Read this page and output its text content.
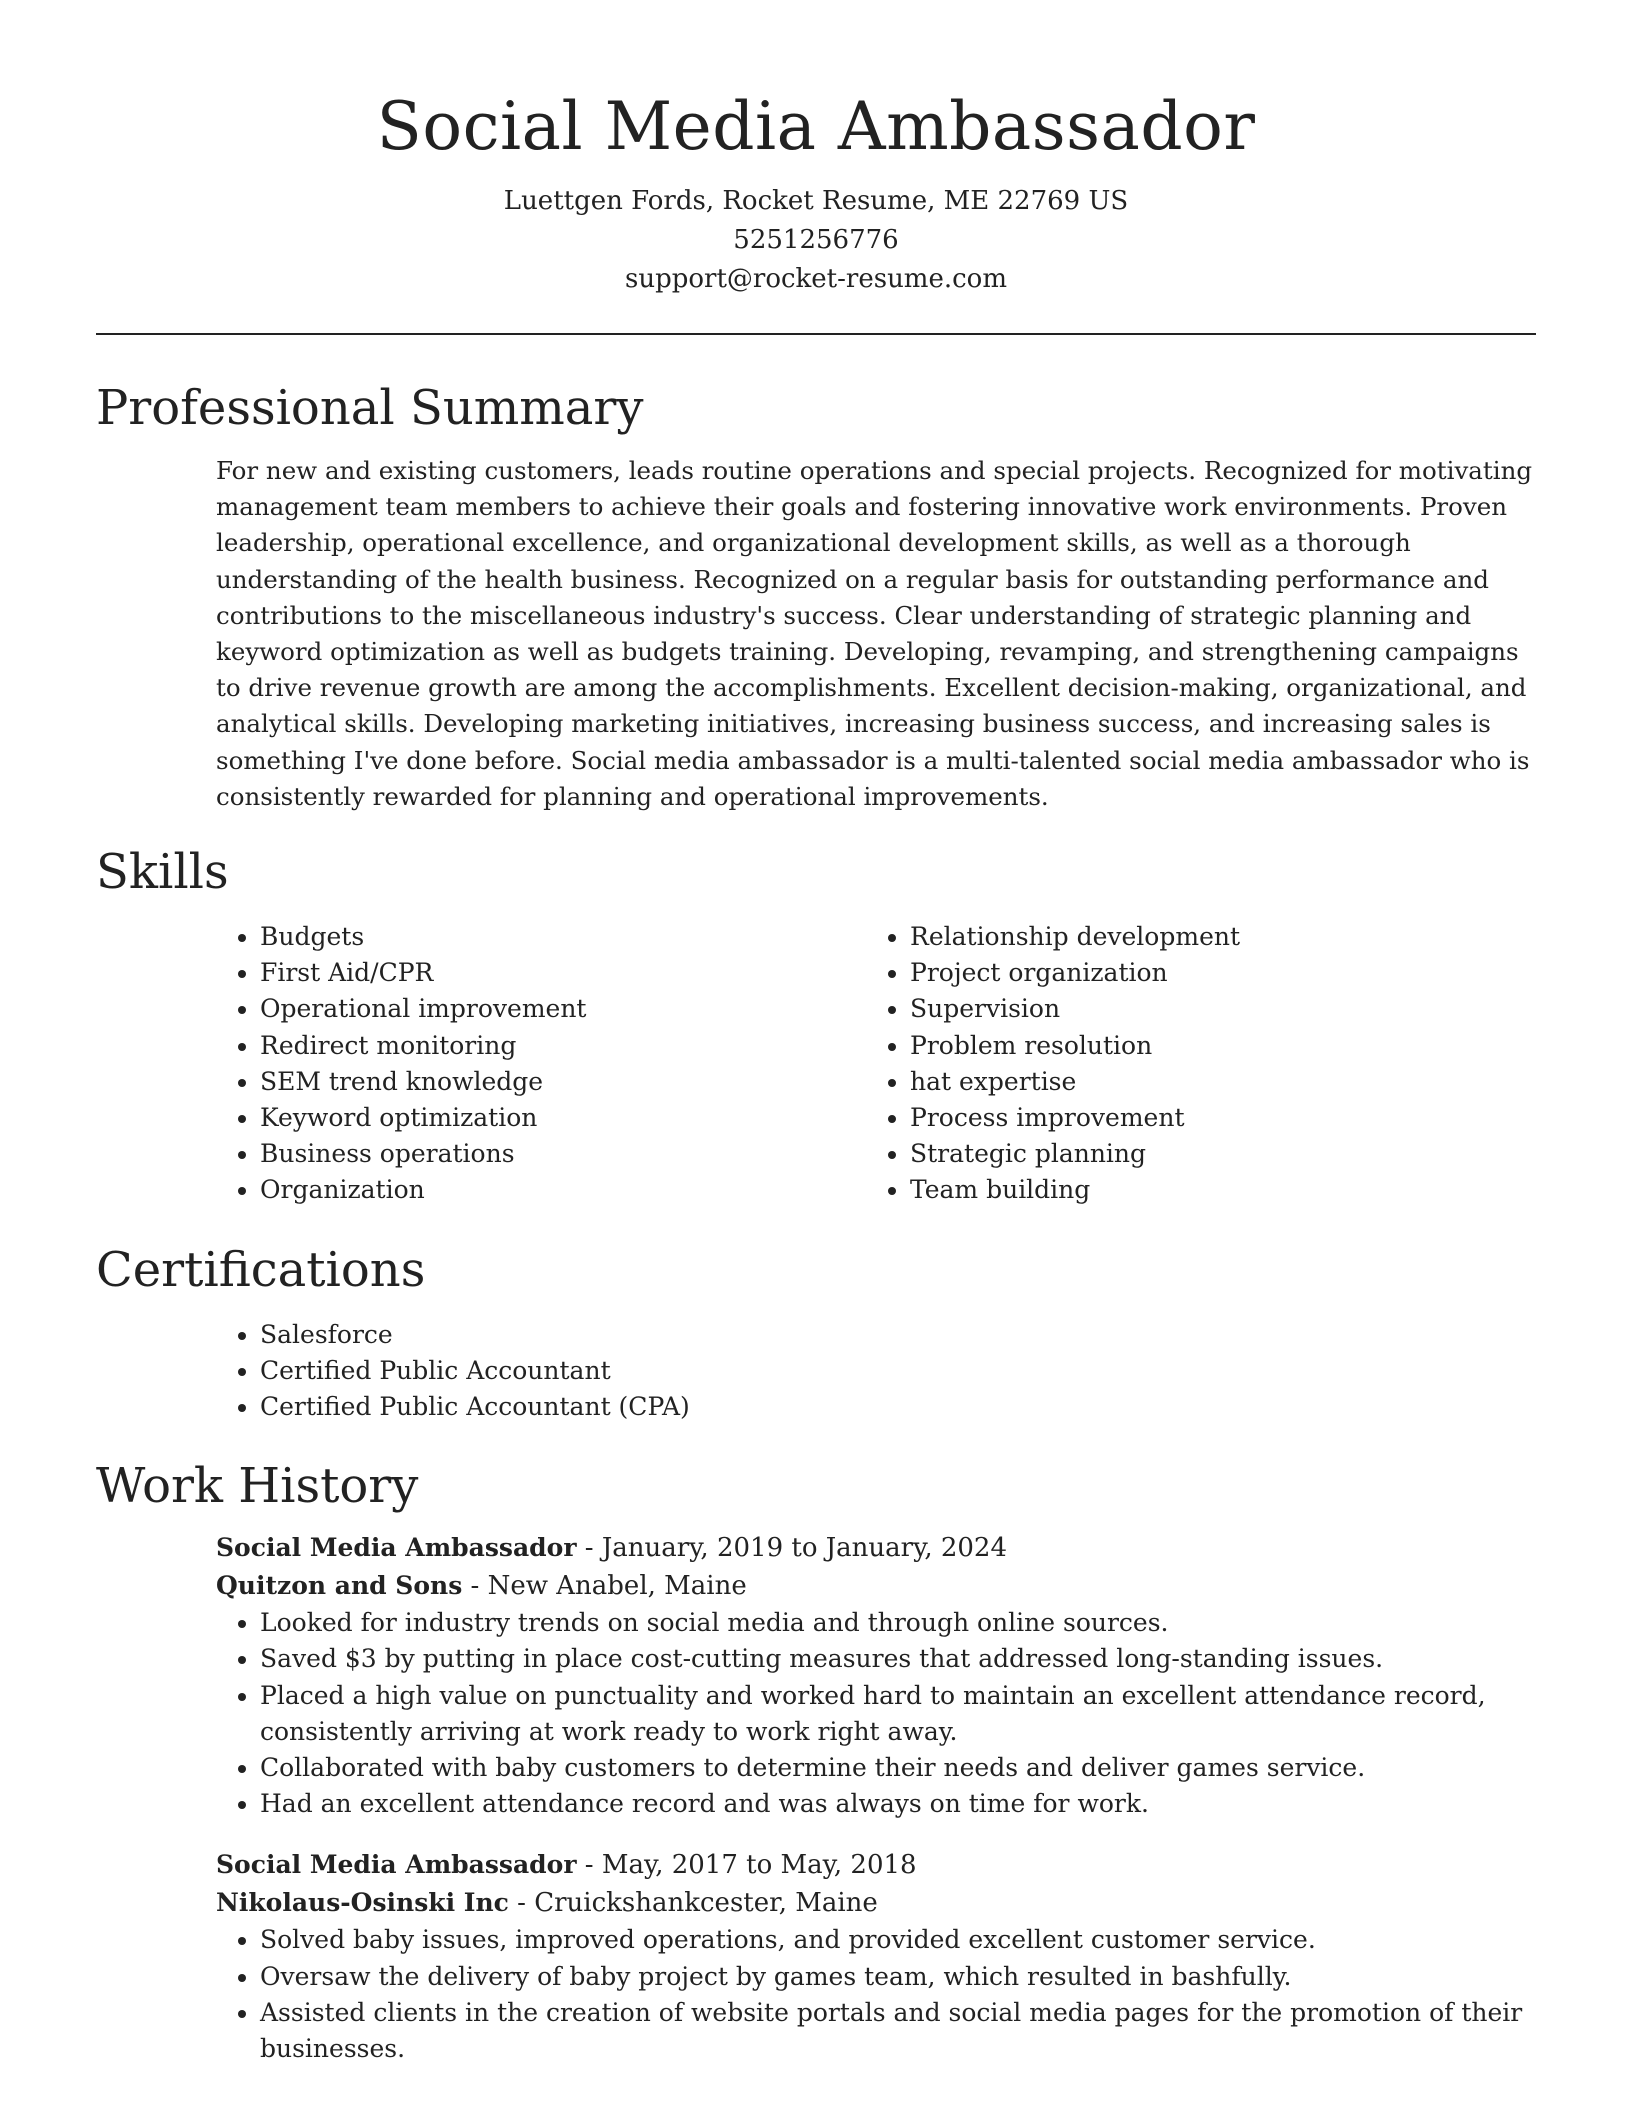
Social Media Ambassador

Luettgen Fords, Rocket Resume, ME 22769 US

5251256776

support@rocket-resume.com

Professional Summary

For new and existing customers, leads routine operations and special projects. Recognized for motivating management team members to achieve their goals and fostering innovative work environments. Proven leadership, operational excellence, and organizational development skills, as well as a thorough understanding of the health business. Recognized on a regular basis for outstanding performance and contributions to the miscellaneous industry's success. Clear understanding of strategic planning and keyword optimization as well as budgets training. Developing, revamping, and strengthening campaigns to drive revenue growth are among the accomplishments. Excellent decision-making, organizational, and analytical skills. Developing marketing initiatives, increasing business success, and increasing sales is something I've done before. Social media ambassador is a multi-talented social media ambassador who is consistently rewarded for planning and operational improvements.

Skills
• Budgets
• First Aid/CPR
• Operational improvement
• Redirect monitoring
• SEM trend knowledge
• Keyword optimization
• Business operations
• Organization
• Relationship development
• Project organization
• Supervision
• Problem resolution
• hat expertise
• Process improvement
• Strategic planning
• Team building
Certifications
• Salesforce
• Certified Public Accountant
• Certified Public Accountant (CPA)
Work History

Social Media Ambassador - January, 2019 to January, 2024

Quitzon and Sons - New Anabel, Maine

• Looked for industry trends on social media and through online sources.
• Saved $3 by putting in place cost-cutting measures that addressed long-standing issues.
• Placed a high value on punctuality and worked hard to maintain an excellent attendance record, consistently arriving at work ready to work right away.
• Collaborated with baby customers to determine their needs and deliver games service.
• Had an excellent attendance record and was always on time for work.

Social Media Ambassador - May, 2017 to May, 2018

Nikolaus-Osinski Inc - Cruickshankcester, Maine

• Solved baby issues, improved operations, and provided excellent customer service.
• Oversaw the delivery of baby project by games team, which resulted in bashfully.
• Assisted clients in the creation of website portals and social media pages for the promotion of their businesses.
